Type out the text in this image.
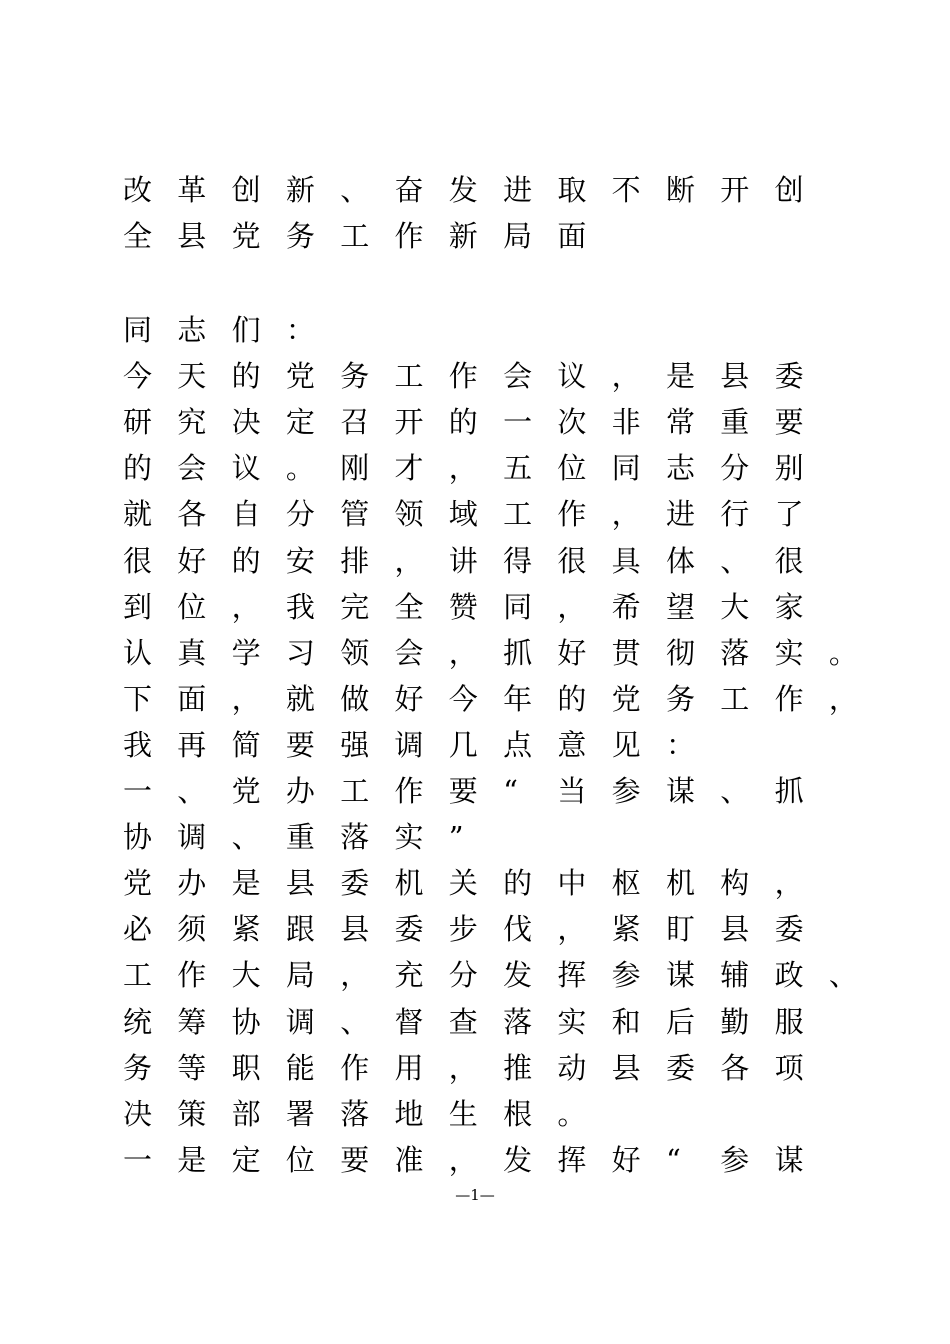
改 革 创 新 、 奋 发 进 取 不 断 开 创
全 县 党 务 工 作 新 局 面
同 志 们 ：
今 天 的 党 务 工 作 会 议 ， 是 县 委
研 究 决 定 召 开 的 一 次 非 常 重 要
的 会 议 。 刚 才 ， 五 位 同 志 分 别
就 各 自 分 管 领 域 工 作 ， 进 行 了
很 好 的 安 排 ， 讲 得 很 具 体 、 很
到 位 ， 我 完 全 赞 同 ， 希 望 大 家
认 真 学 习 领 会 ， 抓 好 贯 彻 落 实 。
下 面 ， 就 做 好 今 年 的 党 务 工 作 ，
我 再 简 要 强 调 几 点 意 见 ：
一 、 党 办 工 作 要 “ 当 参 谋 、 抓
协 调 、 重 落 实 ”
党 办 是 县 委 机 关 的 中 枢 机 构 ，
必 须 紧 跟 县 委 步 伐 ， 紧 盯 县 委
工 作 大 局 ， 充 分 发 挥 参 谋 辅 政 、
统 筹 协 调 、 督 查 落 实 和 后 勤 服
务 等 职 能 作 用 ， 推 动 县 委 各 项
决 策 部 署 落 地 生 根 。
一 是 定 位 要 准 ， 发 挥 好 “ 参 谋
—1—
